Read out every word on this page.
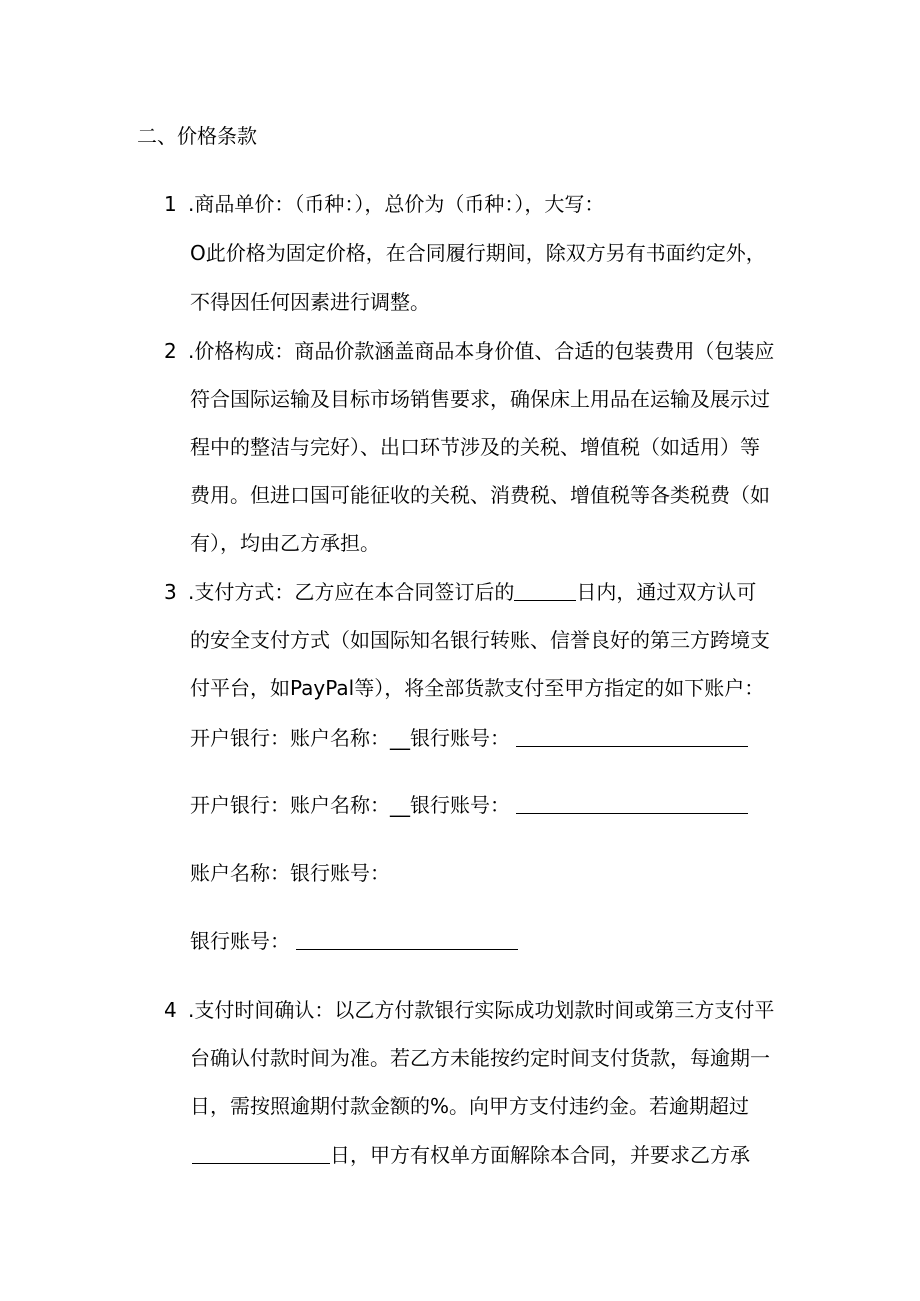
二、价格条款
1 .商品单价：（币种：），总价为（币种：），大写：
O此价格为固定价格，在合同履行期间，除双方另有书面约定外，
不得因任何因素进行调整。
2 .价格构成：商品价款涵盖商品本身价值、合适的包装费用（包装应
符合国际运输及目标市场销售要求，确保床上用品在运输及展示过
程中的整洁与完好）、出口环节涉及的关税、增值税（如适用）等
费用。但进口国可能征收的关税、消费税、增值税等各类税费（如
有），均由乙方承担。
3 .支付方式：乙方应在本合同签订后的	日内，通过双方认可
的安全支付方式（如国际知名银行转账、信誉良好的第三方跨境支
付平台，如PayPal等），将全部货款支付至甲方指定的如下账户：
开户银行：账户名称：__银行账号：
开户银行：账户名称：__银行账号：
账户名称：银行账号：
银行账号：
4 .支付时间确认：以乙方付款银行实际成功划款时间或第三方支付平
台确认付款时间为准。若乙方未能按约定时间支付货款，每逾期一
日，需按照逾期付款金额的%。向甲方支付违约金。若逾期超过
日，甲方有权单方面解除本合同，并要求乙方承
